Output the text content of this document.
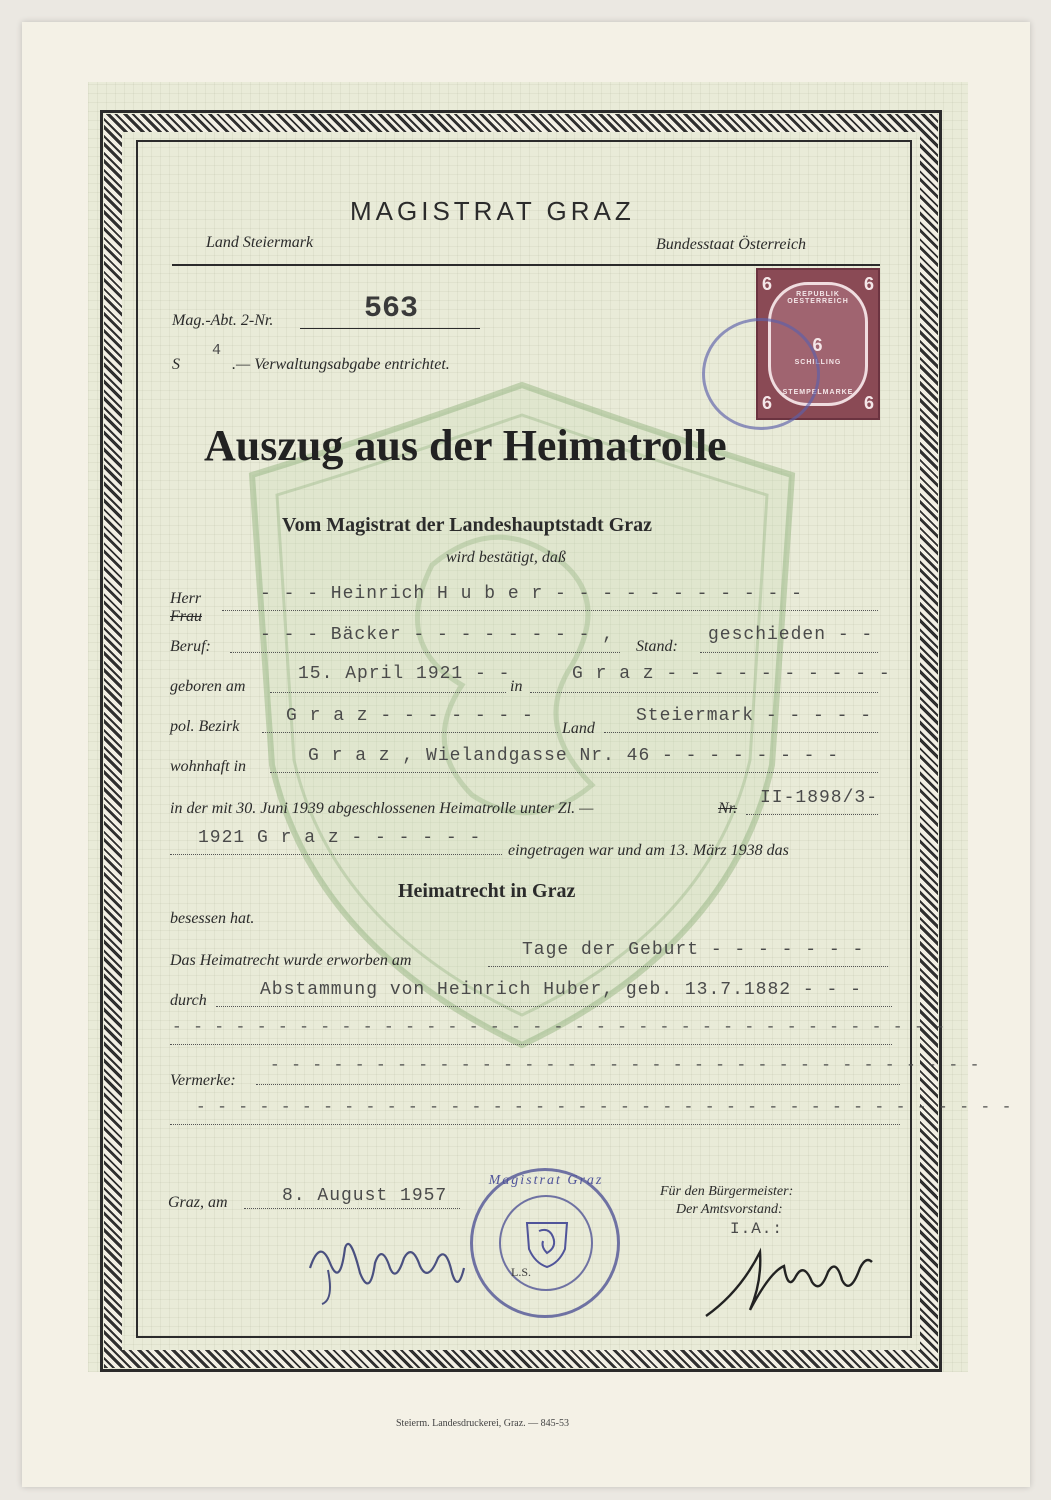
MAGISTRAT GRAZ
Land Steiermark	Bundesstaat Österreich
Mag.-Abt. 2-Nr.	563
S
4
.— Verwaltungsabgabe entrichtet.
6	6
6	6
REPUBLIK OESTERREICH
6
SCHILLING
STEMPELMARKE
Auszug aus der Heimatrolle
Vom Magistrat der Landeshauptstadt Graz
wird bestätigt, daß
Herr
Frau
- - - Heinrich H u b e r - - - - - - - - - - -
Beruf:
- - - Bäcker - - - - - - - - ,
Stand:
geschieden - -
geboren am
15. April 1921 - -
in
G r a z - - - - - - - - - -
pol. Bezirk
G r a z - - - - - - -
Land
Steiermark - - - - -
wohnhaft in
G r a z , Wielandgasse Nr. 46 - - - - - - - -
in der mit 30. Juni 1939 abgeschlossenen Heimatrolle unter Zl. —	Nr.
II-1898/3-
1921 G r a z - - - - - -
eingetragen war und am 13. März 1938 das
Heimatrecht in Graz
besessen hat.
Das Heimatrecht wurde erworben am
Tage der Geburt - - - - - - -
durch
Abstammung von Heinrich Huber, geb. 13.7.1882 - - -
- - - - - - - - - - - - - - - - - - - - - - - - - - - - - - - - - - - - -
Vermerke:
- - - - - - - - - - - - - - - - - - - - - - - - - - - - - - - - - -
- - - - - - - - - - - - - - - - - - - - - - - - - - - - - - - - - - - - - - -
Graz, am	8. August 1957	Für den Bürgermeister:
Der Amtsvorstand:
I.A.:
Magistrat Graz
L.S.
Steierm. Landesdruckerei, Graz. — 845-53
